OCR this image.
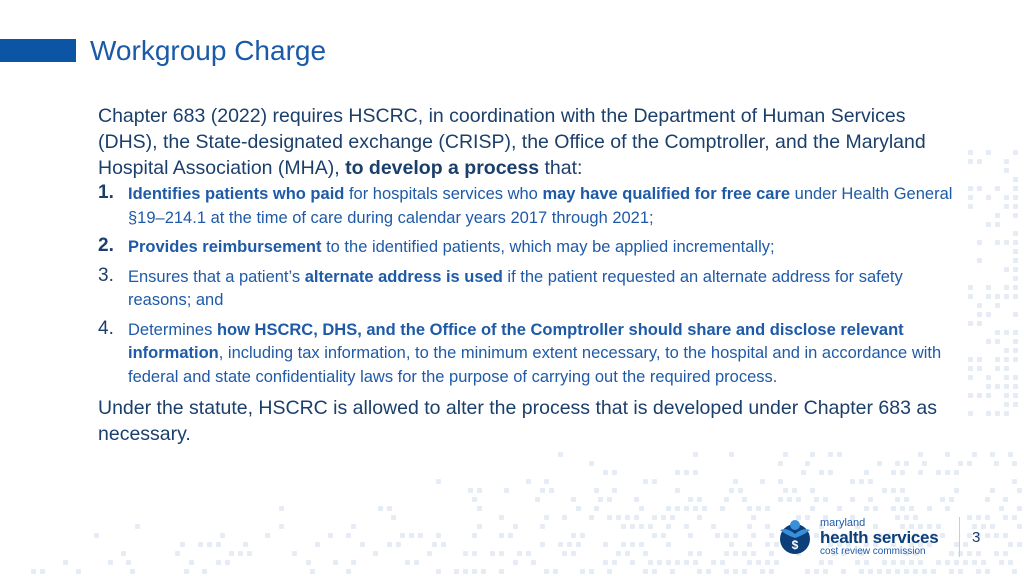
Workgroup Charge

Chapter 683 (2022) requires HSCRC, in coordination with the Department of Human Services (DHS), the State-designated exchange (CRISP), the Office of the Comptroller, and the Maryland Hospital Association (MHA), to develop a process that:

1. Identifies patients who paid for hospitals services who may have qualified for free care under Health General §19–214.1 at the time of care during calendar years 2017 through 2021;
2. Provides reimbursement to the identified patients, which may be applied incrementally;
3. Ensures that a patient’s alternate address is used if the patient requested an alternate address for safety reasons; and
4. Determines how HSCRC, DHS, and the Office of the Comptroller should share and disclose relevant information, including tax information, to the minimum extent necessary, to the hospital and in accordance with federal and state confidentiality laws for the purpose of carrying out the required process.

Under the statute, HSCRC is allowed to alter the process that is developed under Chapter 683 as necessary.

$
maryland
health services
cost review commission
3
